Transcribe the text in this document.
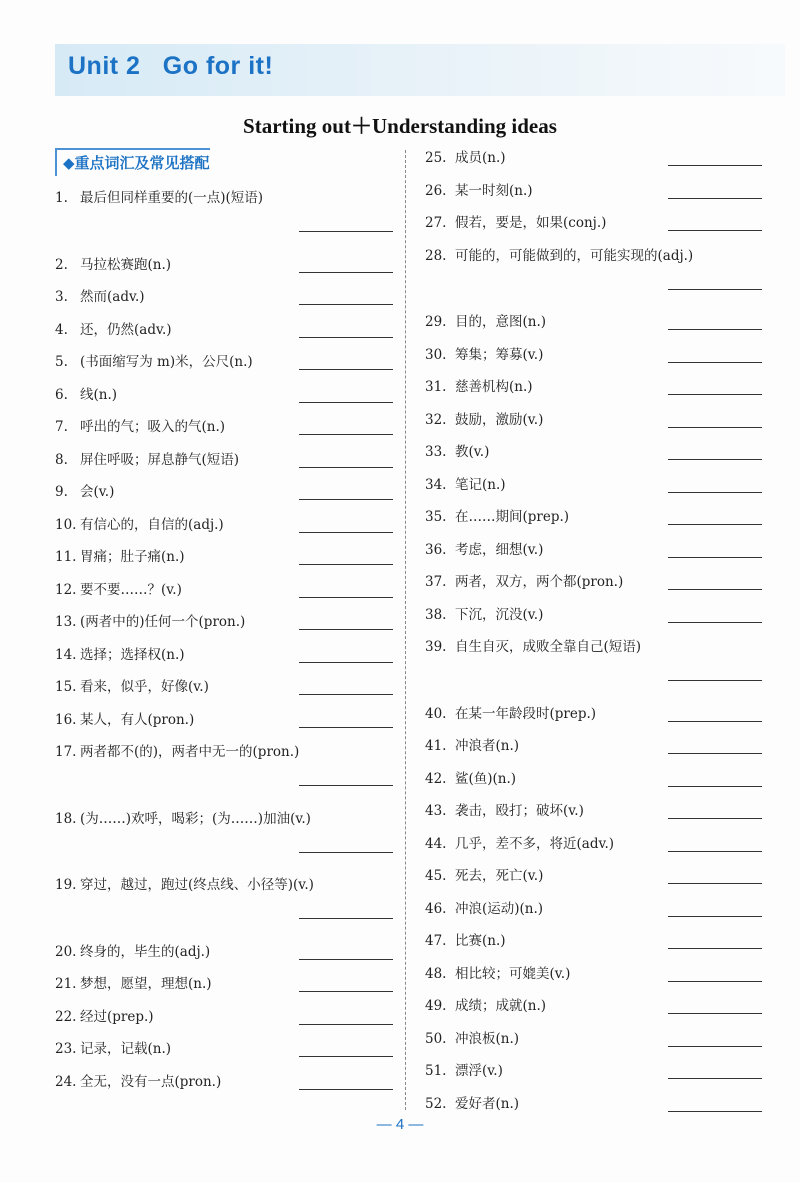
Unit 2 Go for it!
Starting out＋Understanding ideas
◆重点词汇及常见搭配
1. 最后但同样重要的(一点)(短语)
2. 马拉松赛跑(n.)
3. 然而(adv.)
4. 还，仍然(adv.)
5. (书面缩写为 m)米，公尺(n.)
6. 线(n.)
7. 呼出的气；吸入的气(n.)
8. 屏住呼吸；屏息静气(短语)
9. 会(v.)
10. 有信心的，自信的(adj.)
11. 胃痛；肚子痛(n.)
12. 要不要……？(v.)
13. (两者中的)任何一个(pron.)
14. 选择；选择权(n.)
15. 看来，似乎，好像(v.)
16. 某人，有人(pron.)
17. 两者都不(的)，两者中无一的(pron.)
18. (为……)欢呼，喝彩；(为……)加油(v.)
19. 穿过，越过，跑过(终点线、小径等)(v.)
20. 终身的，毕生的(adj.)
21. 梦想，愿望，理想(n.)
22. 经过(prep.)
23. 记录，记载(n.)
24. 全无，没有一点(pron.)
25. 成员(n.)
26. 某一时刻(n.)
27. 假若，要是，如果(conj.)
28. 可能的，可能做到的，可能实现的(adj.)
29. 目的，意图(n.)
30. 筹集；筹募(v.)
31. 慈善机构(n.)
32. 鼓励，激励(v.)
33. 教(v.)
34. 笔记(n.)
35. 在……期间(prep.)
36. 考虑，细想(v.)
37. 两者，双方，两个都(pron.)
38. 下沉，沉没(v.)
39. 自生自灭，成败全靠自己(短语)
40. 在某一年龄段时(prep.)
41. 冲浪者(n.)
42. 鲨(鱼)(n.)
43. 袭击，殴打；破坏(v.)
44. 几乎，差不多，将近(adv.)
45. 死去，死亡(v.)
46. 冲浪(运动)(n.)
47. 比赛(n.)
48. 相比较；可媲美(v.)
49. 成绩；成就(n.)
50. 冲浪板(n.)
51. 漂浮(v.)
52. 爱好者(n.)
— 4 —
